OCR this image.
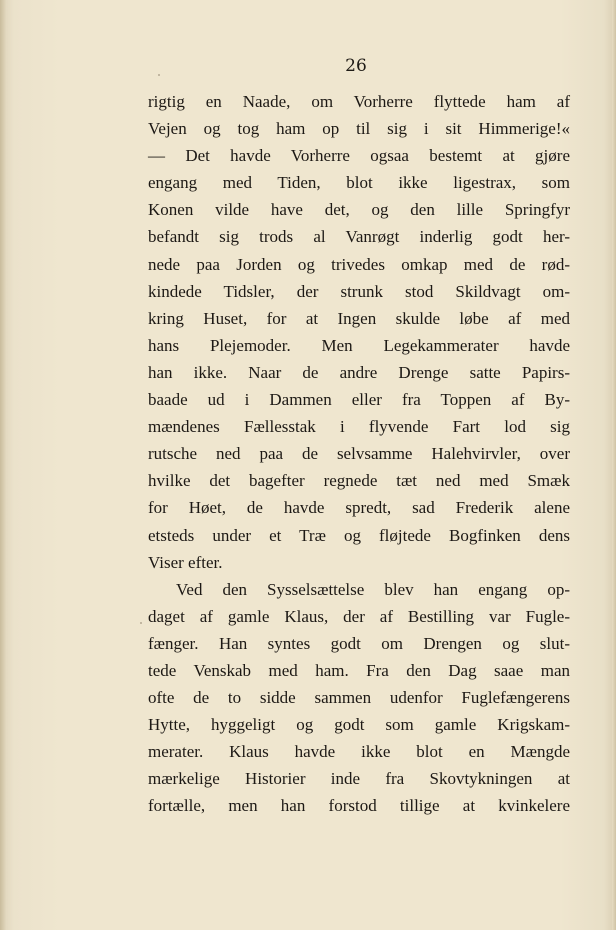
26
rigtig en Naade, om Vorherre flyttede ham af
Vejen og tog ham op til sig i sit Himmerige!«
— Det havde Vorherre ogsaa bestemt at gjøre
engang med Tiden, blot ikke ligestrax, som
Konen vilde have det, og den lille Springfyr
befandt sig trods al Vanrøgt inderlig godt her-
nede paa Jorden og trivedes omkap med de rød-
kindede Tidsler, der strunk stod Skildvagt om-
kring Huset, for at Ingen skulde løbe af med
hans Plejemoder. Men Legekammerater havde
han ikke. Naar de andre Drenge satte Papirs-
baade ud i Dammen eller fra Toppen af By-
mændenes Fællesstak i flyvende Fart lod sig
rutsche ned paa de selvsamme Halehvirvler, over
hvilke det bagefter regnede tæt ned med Smæk
for Høet, de havde spredt, sad Frederik alene
etsteds under et Træ og fløjtede Bogfinken dens
Viser efter.
Ved den Sysselsættelse blev han engang op-
daget af gamle Klaus, der af Bestilling var Fugle-
fænger. Han syntes godt om Drengen og slut-
tede Venskab med ham. Fra den Dag saae man
ofte de to sidde sammen udenfor Fuglefængerens
Hytte, hyggeligt og godt som gamle Krigskam-
merater. Klaus havde ikke blot en Mængde
mærkelige Historier inde fra Skovtykningen at
fortælle, men han forstod tillige at kvinkelere
